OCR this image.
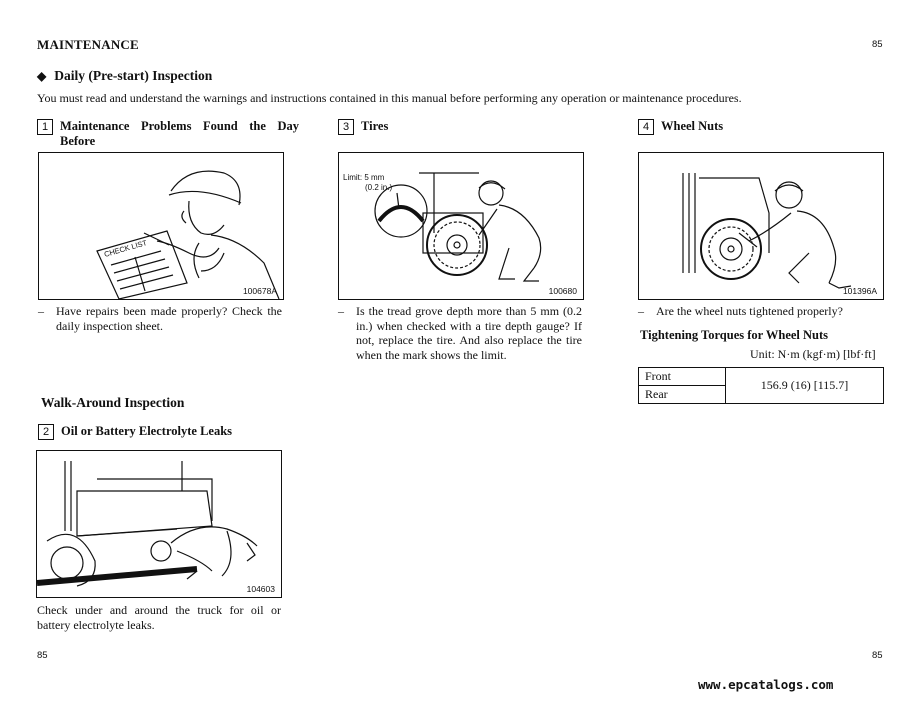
MAINTENANCE	85
◆ Daily (Pre-start) Inspection
You must read and understand the warnings and instructions contained in this manual before performing any operation or maintenance procedures.
1 Maintenance Problems Found the Day Before
CHECK LIST
100678A
– Have repairs been made properly? Check the daily inspection sheet.
3 Tires
Limit: 5 mm
(0.2 in.)
100680
– Is the tread grove depth more than 5 mm (0.2 in.) when checked with a tire depth gauge? If not, replace the tire. And also replace the tire when the mark shows the limit.
4 Wheel Nuts
101396A
– Are the wheel nuts tightened properly?
Tightening Torques for Wheel Nuts
Unit: N·m (kgf·m) [lbf·ft]
Front	156.9 (16) [115.7]
Rear
Walk-Around Inspection
2 Oil or Battery Electrolyte Leaks
104603
Check under and around the truck for oil or battery electrolyte leaks.
85	85
www.epcatalogs.com
